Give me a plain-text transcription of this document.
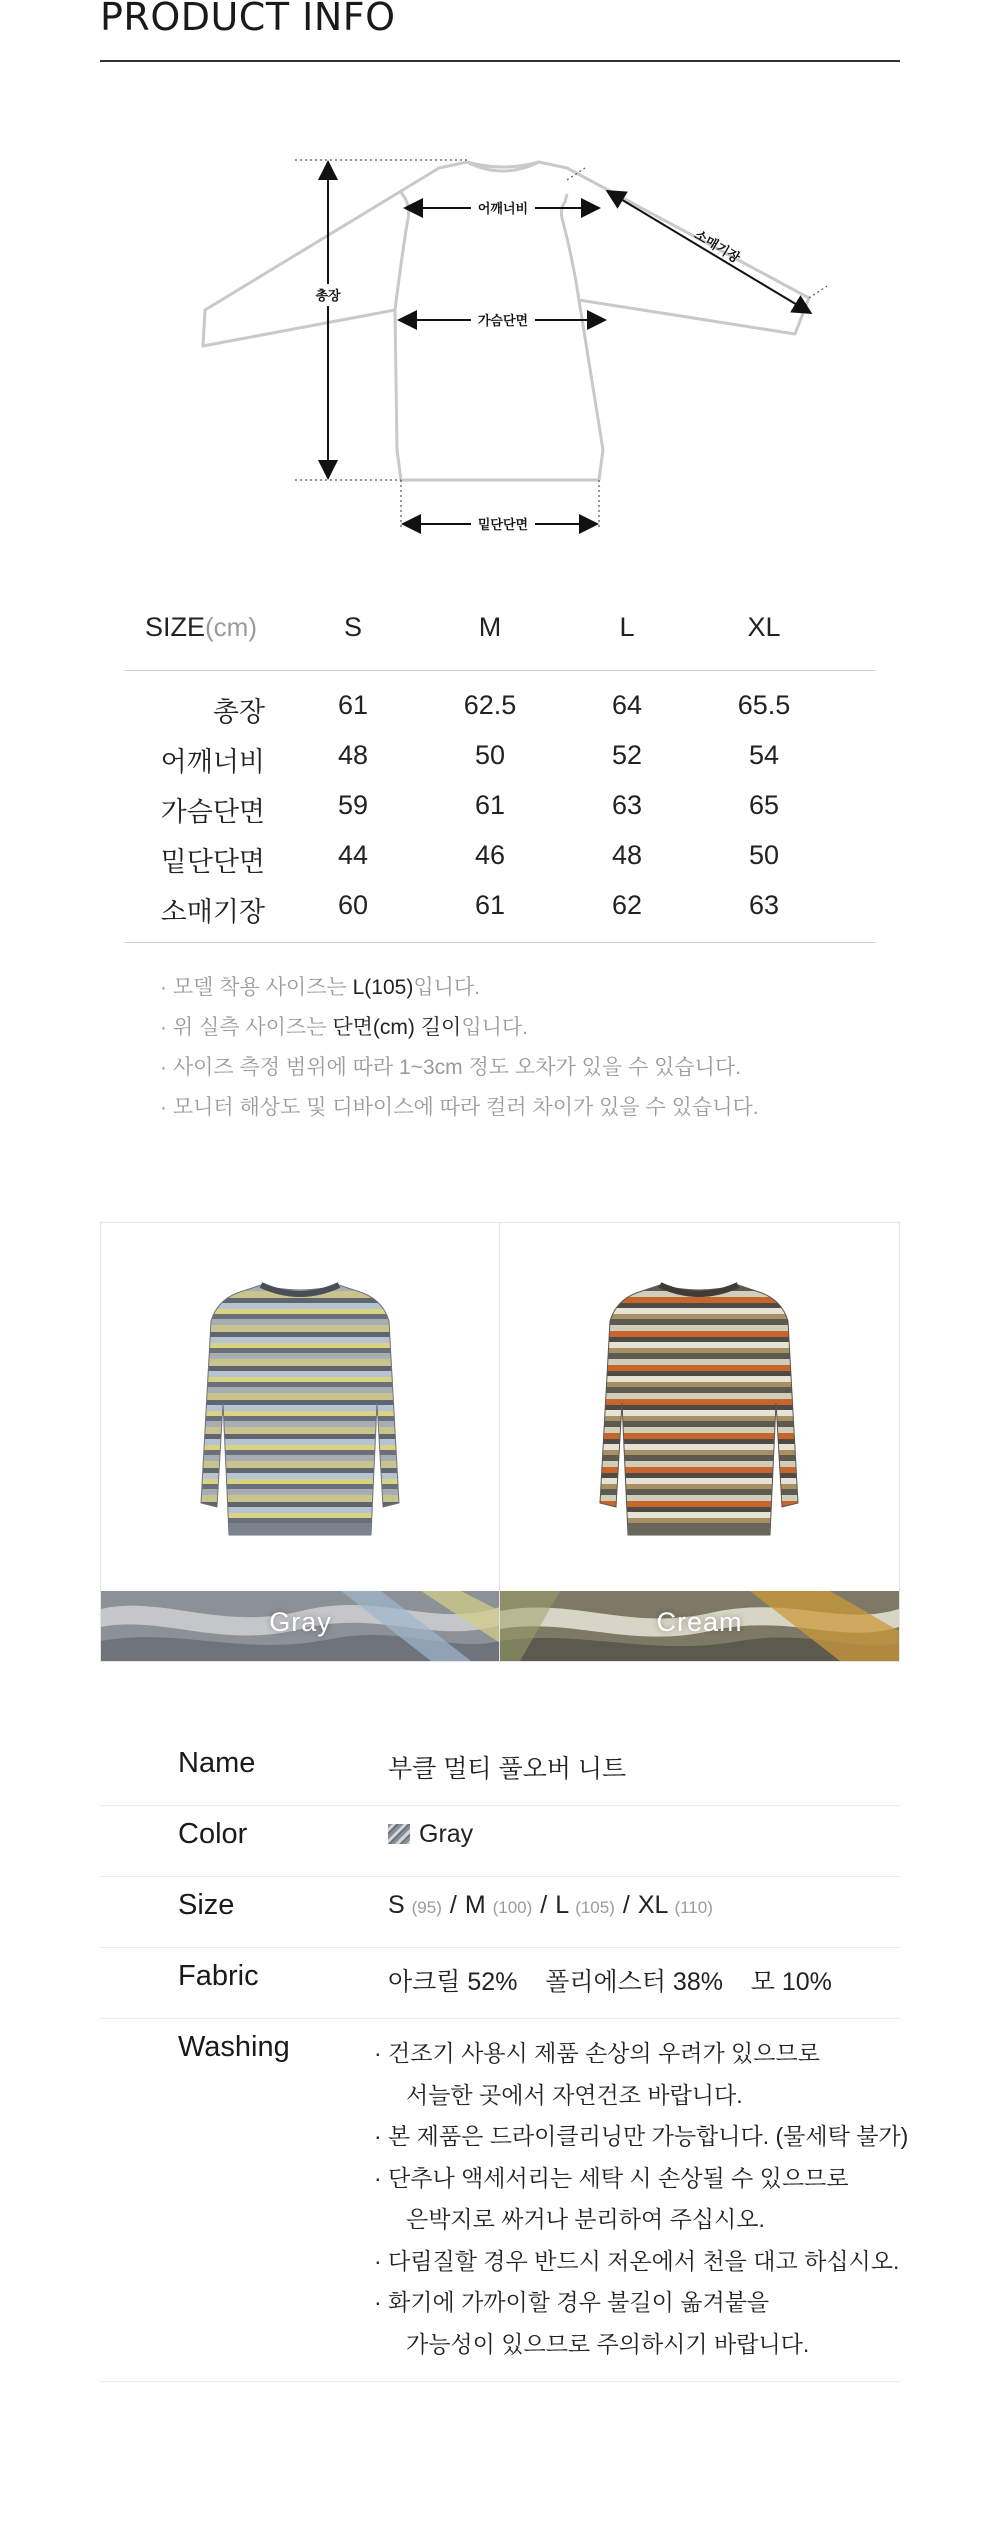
PRODUCT INFO
어깨너비
가슴단면
밑단단면
총장
소매기장
SIZE(cm)	S	M	L	XL
총장	61	62.5	64	65.5
어깨너비	48	50	52	54
가슴단면	59	61	63	65
밑단단면	44	46	48	50
소매기장	60	61	62	63
· 모델 착용 사이즈는 L(105)입니다.
· 위 실측 사이즈는 단면(cm) 길이입니다.
· 사이즈 측정 범위에 따라 1~3cm 정도 오차가 있을 수 있습니다.
· 모니터 해상도 및 디바이스에 따라 컬러 차이가 있을 수 있습니다.
Gray	Cream
Name	부클 멀티 풀오버 니트
Color	Gray
Size	S (95) / M (100) / L (105) / XL (110)
Fabric	아크릴 52%    폴리에스터 38%    모 10%
Washing	· 건조기 사용시 제품 손상의 우려가 있으므로
서늘한 곳에서 자연건조 바랍니다.
· 본 제품은 드라이클리닝만 가능합니다. (물세탁 불가)
· 단추나 액세서리는 세탁 시 손상될 수 있으므로
은박지로 싸거나 분리하여 주십시오.
· 다림질할 경우 반드시 저온에서 천을 대고 하십시오.
· 화기에 가까이할 경우 불길이 옮겨붙을
가능성이 있으므로 주의하시기 바랍니다.
